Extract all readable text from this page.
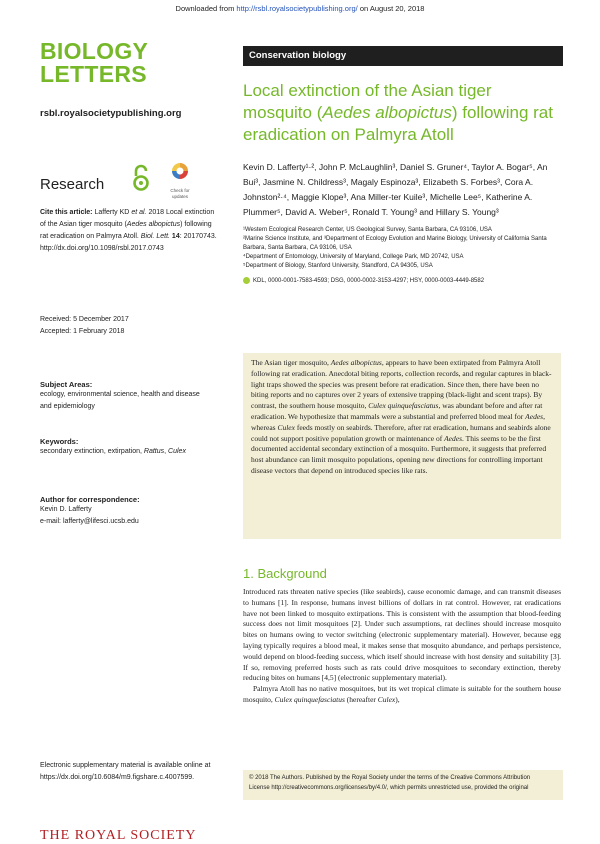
Downloaded from http://rsbl.royalsocietypublishing.org/ on August 20, 2018
BIOLOGY
LETTERS
rsbl.royalsocietypublishing.org
Research	Check for
updates
Cite this article: Lafferty KD et al. 2018 Local extinction of the Asian tiger mosquito (Aedes albopictus) following rat eradication on Palmyra Atoll. Biol. Lett. 14: 20170743.
http://dx.doi.org/10.1098/rsbl.2017.0743
Received: 5 December 2017
Accepted: 1 February 2018
Subject Areas:
ecology, environmental science, health and disease and epidemiology
Keywords:
secondary extinction, extirpation, Rattus, Culex
Author for correspondence:
Kevin D. Lafferty
e-mail: lafferty@lifesci.ucsb.edu
Electronic supplementary material is available online at https://dx.doi.org/10.6084/m9.figshare.c.4007599.
THE ROYAL SOCIETY
Conservation biology
Local extinction of the Asian tiger mosquito (Aedes albopictus) following rat eradication on Palmyra Atoll
Kevin D. Lafferty¹·², John P. McLaughlin³, Daniel S. Gruner⁴, Taylor A. Bogar⁵, An Bui³, Jasmine N. Childress³, Magaly Espinoza³, Elizabeth S. Forbes³, Cora A. Johnston²·⁴, Maggie Klope³, Ana Miller-ter Kuile³, Michelle Lee⁵, Katherine A. Plummer⁵, David A. Weber⁵, Ronald T. Young³ and Hillary S. Young³
¹Western Ecological Research Center, US Geological Survey, Santa Barbara, CA 93106, USA
²Marine Science Institute, and ³Department of Ecology Evolution and Marine Biology, University of California Santa Barbara, Santa Barbara, CA 93106, USA
⁴Department of Entomology, University of Maryland, College Park, MD 20742, USA
⁵Department of Biology, Stanford University, Standford, CA 94305, USA
KDL, 0000-0001-7583-4593; DSG, 0000-0002-3153-4297; HSY, 0000-0003-4449-8582
The Asian tiger mosquito, Aedes albopictus, appears to have been extirpated from Palmyra Atoll following rat eradication. Anecdotal biting reports, collection records, and regular captures in black-light traps showed the species was present before rat eradication. Since then, there have been no biting reports and no captures over 2 years of extensive trapping (black-light and scent traps). By contrast, the southern house mosquito, Culex quinquefasciatus, was abundant before and after rat eradication. We hypothesize that mammals were a substantial and preferred blood meal for Aedes, whereas Culex feeds mostly on seabirds. Therefore, after rat eradication, humans and seabirds alone could not support positive population growth or maintenance of Aedes. This seems to be the first documented accidental secondary extinction of a mosquito. Furthermore, it suggests that preferred host abundance can limit mosquito populations, opening new directions for controlling important disease vectors that depend on introduced species like rats.
1. Background
Introduced rats threaten native species (like seabirds), cause economic damage, and can transmit diseases to humans [1]. In response, humans invest billions of dollars in rat control. However, rat eradications have not been linked to mosquito extirpations. This is consistent with the assumption that blood-feeding success does not limit mosquitoes [2]. Under such assumptions, rat declines should increase mosquito bites on humans owing to vector switching (electronic supplementary material). However, because egg laying typically requires a blood meal, it makes sense that mosquito abundance, and perhaps persistence, would depend on blood-feeding success, which itself should increase with host density and suitability [3]. If so, removing preferred hosts such as rats could drive mosquitoes to secondary extinction, thereby reducing bites on humans [4,5] (electronic supplementary material).
Palmyra Atoll has no native mosquitoes, but its wet tropical climate is suitable for the southern house mosquito, Culex quinquefasciatus (hereafter Culex),
© 2018 The Authors. Published by the Royal Society under the terms of the Creative Commons Attribution
License http://creativecommons.org/licenses/by/4.0/, which permits unrestricted use, provided the original
